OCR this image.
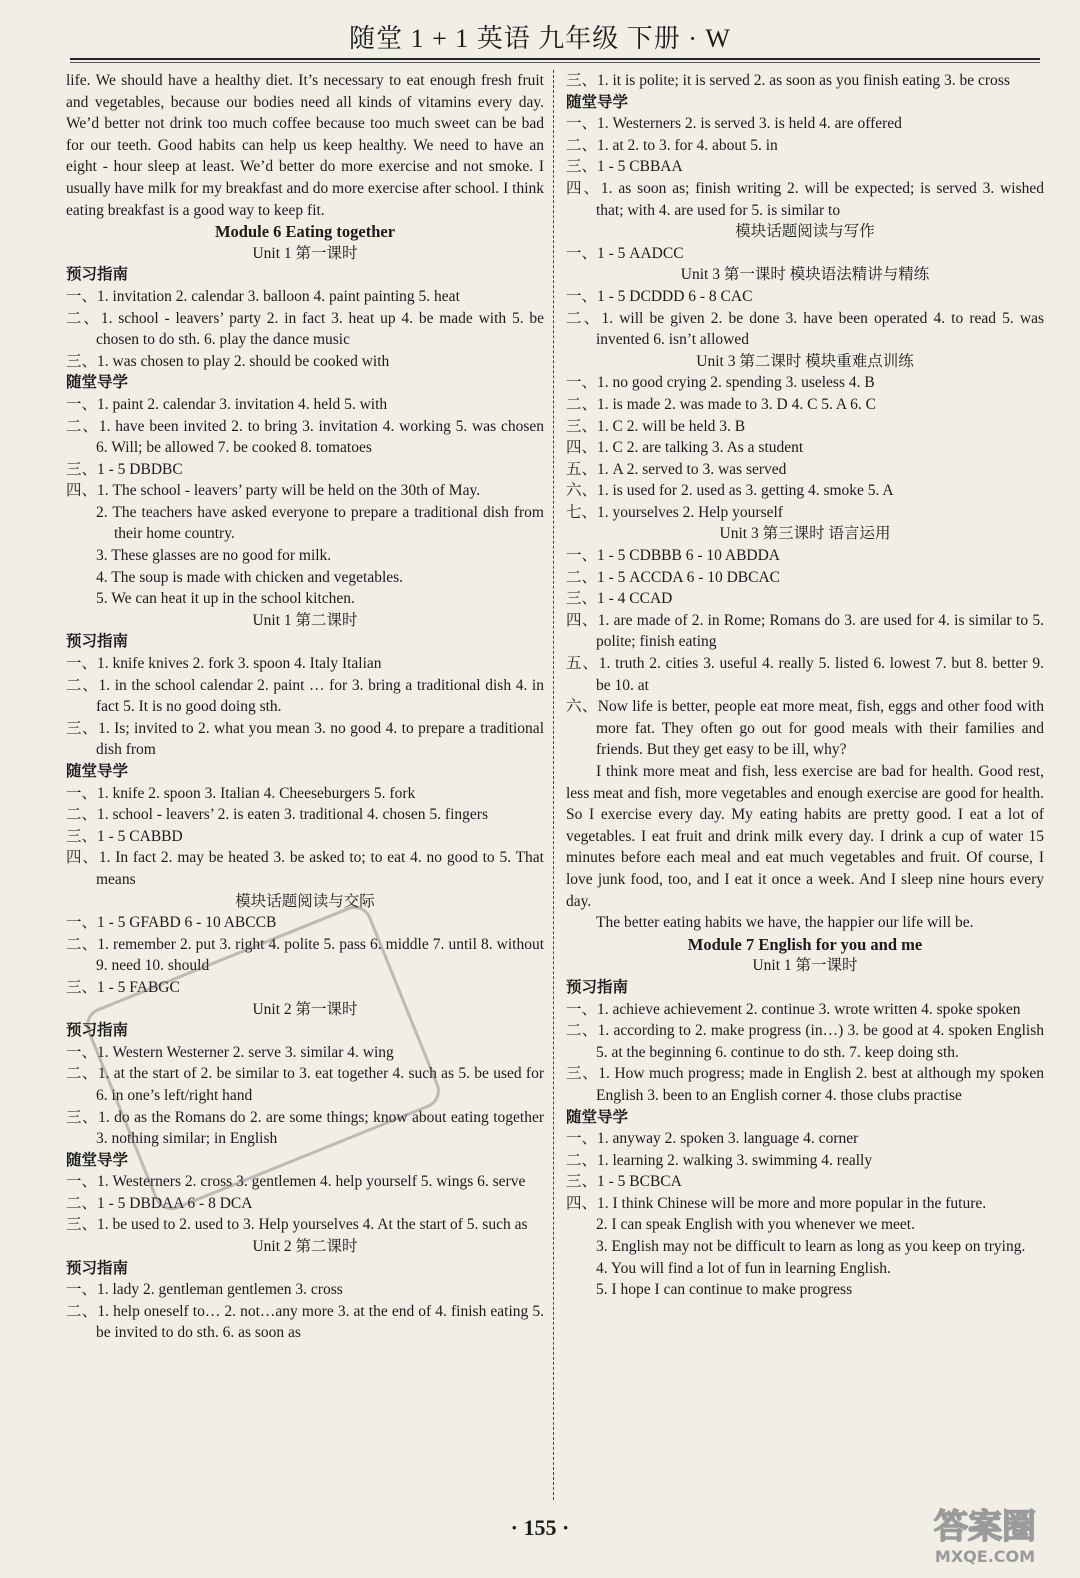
随堂 1 + 1 英语 九年级 下册 · W
life. We should have a healthy diet. It’s necessary to eat enough fresh fruit and vegetables, because our bodies need all kinds of vitamins every day. We’d better not drink too much coffee because too much sweet can be bad for our teeth. Good habits can help us keep healthy. We need to have an eight - hour sleep at least. We’d better do more exercise and not smoke. I usually have milk for my breakfast and do more exercise after school. I think eating breakfast is a good way to keep fit.
Module 6 Eating together
Unit 1 第一课时
预习指南
一、1. invitation 2. calendar 3. balloon 4. paint painting 5. heat
二、1. school - leavers’ party 2. in fact 3. heat up 4. be made with 5. be chosen to do sth. 6. play the dance music
三、1. was chosen to play 2. should be cooked with
随堂导学
一、1. paint 2. calendar 3. invitation 4. held 5. with
二、1. have been invited 2. to bring 3. invitation 4. working 5. was chosen 6. Will; be allowed 7. be cooked 8. tomatoes
三、1 - 5 DBDBC
四、1. The school - leavers’ party will be held on the 30th of May.
2. The teachers have asked everyone to prepare a traditional dish from their home country.
3. These glasses are no good for milk.
4. The soup is made with chicken and vegetables.
5. We can heat it up in the school kitchen.
Unit 1 第二课时
预习指南
一、1. knife knives 2. fork 3. spoon 4. Italy Italian
二、1. in the school calendar 2. paint … for 3. bring a traditional dish 4. in fact 5. It is no good doing sth.
三、1. Is; invited to 2. what you mean 3. no good 4. to prepare a traditional dish from
随堂导学
一、1. knife 2. spoon 3. Italian 4. Cheeseburgers 5. fork
二、1. school - leavers’ 2. is eaten 3. traditional 4. chosen 5. fingers
三、1 - 5 CABBD
四、1. In fact 2. may be heated 3. be asked to; to eat 4. no good to 5. That means
模块话题阅读与交际
一、1 - 5 GFABD 6 - 10 ABCCB
二、1. remember 2. put 3. right 4. polite 5. pass 6. middle 7. until 8. without 9. need 10. should
三、1 - 5 FABGC
Unit 2 第一课时
预习指南
一、1. Western Westerner 2. serve 3. similar 4. wing
二、1. at the start of 2. be similar to 3. eat together 4. such as 5. be used for 6. in one’s left/right hand
三、1. do as the Romans do 2. are some things; know about eating together 3. nothing similar; in English
随堂导学
一、1. Westerners 2. cross 3. gentlemen 4. help yourself 5. wings 6. serve
二、1 - 5 DBDAA 6 - 8 DCA
三、1. be used to 2. used to 3. Help yourselves 4. At the start of 5. such as
Unit 2 第二课时
预习指南
一、1. lady 2. gentleman gentlemen 3. cross
二、1. help oneself to… 2. not…any more 3. at the end of 4. finish eating 5. be invited to do sth. 6. as soon as
三、1. it is polite; it is served 2. as soon as you finish eating 3. be cross
随堂导学
一、1. Westerners 2. is served 3. is held 4. are offered
二、1. at 2. to 3. for 4. about 5. in
三、1 - 5 CBBAA
四、1. as soon as; finish writing 2. will be expected; is served 3. wished that; with 4. are used for 5. is similar to
模块话题阅读与写作
一、1 - 5 AADCC
Unit 3 第一课时 模块语法精讲与精练
一、1 - 5 DCDDD 6 - 8 CAC
二、1. will be given 2. be done 3. have been operated 4. to read 5. was invented 6. isn’t allowed
Unit 3 第二课时 模块重难点训练
一、1. no good crying 2. spending 3. useless 4. B
二、1. is made 2. was made to 3. D 4. C 5. A 6. C
三、1. C 2. will be held 3. B
四、1. C 2. are talking 3. As a student
五、1. A 2. served to 3. was served
六、1. is used for 2. used as 3. getting 4. smoke 5. A
七、1. yourselves 2. Help yourself
Unit 3 第三课时 语言运用
一、1 - 5 CDBBB 6 - 10 ABDDA
二、1 - 5 ACCDA 6 - 10 DBCAC
三、1 - 4 CCAD
四、1. are made of 2. in Rome; Romans do 3. are used for 4. is similar to 5. polite; finish eating
五、1. truth 2. cities 3. useful 4. really 5. listed 6. lowest 7. but 8. better 9. be 10. at
六、Now life is better, people eat more meat, fish, eggs and other food with more fat. They often go out for good meals with their families and friends. But they get easy to be ill, why?
I think more meat and fish, less exercise are bad for health. Good rest, less meat and fish, more vegetables and enough exercise are good for health. So I exercise every day. My eating habits are pretty good. I eat a lot of vegetables. I eat fruit and drink milk every day. I drink a cup of water 15 minutes before each meal and eat much vegetables and fruit. Of course, I love junk food, too, and I eat it once a week. And I sleep nine hours every day.
The better eating habits we have, the happier our life will be.
Module 7 English for you and me
Unit 1 第一课时
预习指南
一、1. achieve achievement 2. continue 3. wrote written 4. spoke spoken
二、1. according to 2. make progress (in…) 3. be good at 4. spoken English 5. at the beginning 6. continue to do sth. 7. keep doing sth.
三、1. How much progress; made in English 2. best at although my spoken English 3. been to an English corner 4. those clubs practise
随堂导学
一、1. anyway 2. spoken 3. language 4. corner
二、1. learning 2. walking 3. swimming 4. really
三、1 - 5 BCBCA
四、1. I think Chinese will be more and more popular in the future.
2. I can speak English with you whenever we meet.
3. English may not be difficult to learn as long as you keep on trying.
4. You will find a lot of fun in learning English.
5. I hope I can continue to make progress
· 155 ·	答案圈
MXQE.COM
